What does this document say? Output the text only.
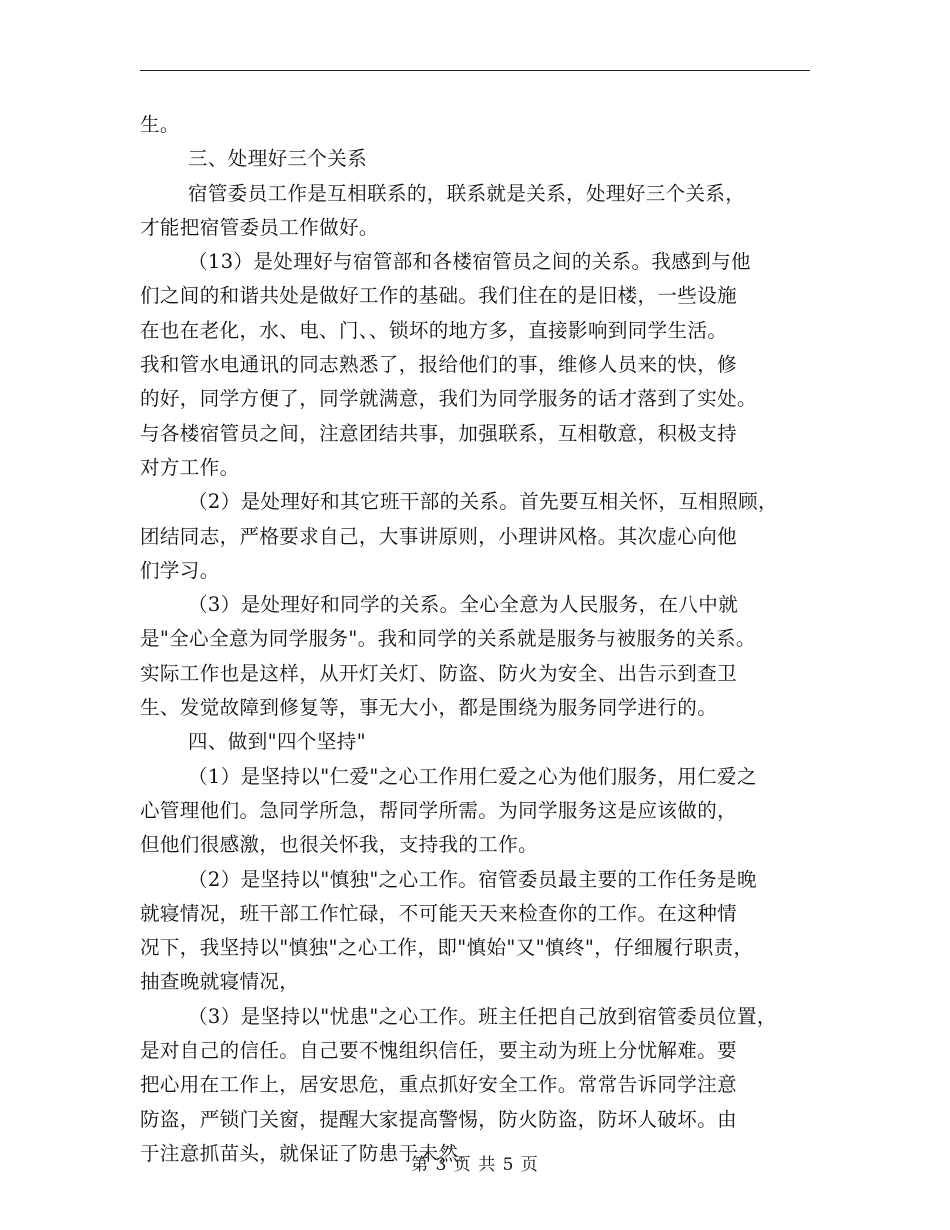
生。
三、处理好三个关系
宿管委员工作是互相联系的，联系就是关系，处理好三个关系，
才能把宿管委员工作做好。
（13）是处理好与宿管部和各楼宿管员之间的关系。我感到与他
们之间的和谐共处是做好工作的基础。我们住在的是旧楼，一些设施
在也在老化，水、电、门、、锁坏的地方多，直接影响到同学生活。
我和管水电通讯的同志熟悉了，报给他们的事，维修人员来的快，修
的好，同学方便了，同学就满意，我们为同学服务的话才落到了实处。
与各楼宿管员之间，注意团结共事，加强联系，互相敬意，积极支持
对方工作。
（2）是处理好和其它班干部的关系。首先要互相关怀，互相照顾，
团结同志，严格要求自己，大事讲原则，小理讲风格。其次虚心向他
们学习。
（3）是处理好和同学的关系。全心全意为人民服务，在八中就
是"全心全意为同学服务"。我和同学的关系就是服务与被服务的关系。
实际工作也是这样，从开灯关灯、防盗、防火为安全、出告示到查卫
生、发觉故障到修复等，事无大小，都是围绕为服务同学进行的。
四、做到"四个坚持"
（1）是坚持以"仁爱"之心工作用仁爱之心为他们服务，用仁爱之
心管理他们。急同学所急，帮同学所需。为同学服务这是应该做的，
但他们很感激，也很关怀我，支持我的工作。
（2）是坚持以"慎独"之心工作。宿管委员最主要的工作任务是晚
就寝情况，班干部工作忙碌，不可能天天来检查你的工作。在这种情
况下，我坚持以"慎独"之心工作，即"慎始"又"慎终"，仔细履行职责，
抽查晚就寝情况，
（3）是坚持以"忧患"之心工作。班主任把自己放到宿管委员位置，
是对自己的信任。自己要不愧组织信任，要主动为班上分忧解难。要
把心用在工作上，居安思危，重点抓好安全工作。常常告诉同学注意
防盗，严锁门关窗，提醒大家提高警惕，防火防盗，防坏人破坏。由
于注意抓苗头，就保证了防患于未然。
第 3 页 共 5 页
